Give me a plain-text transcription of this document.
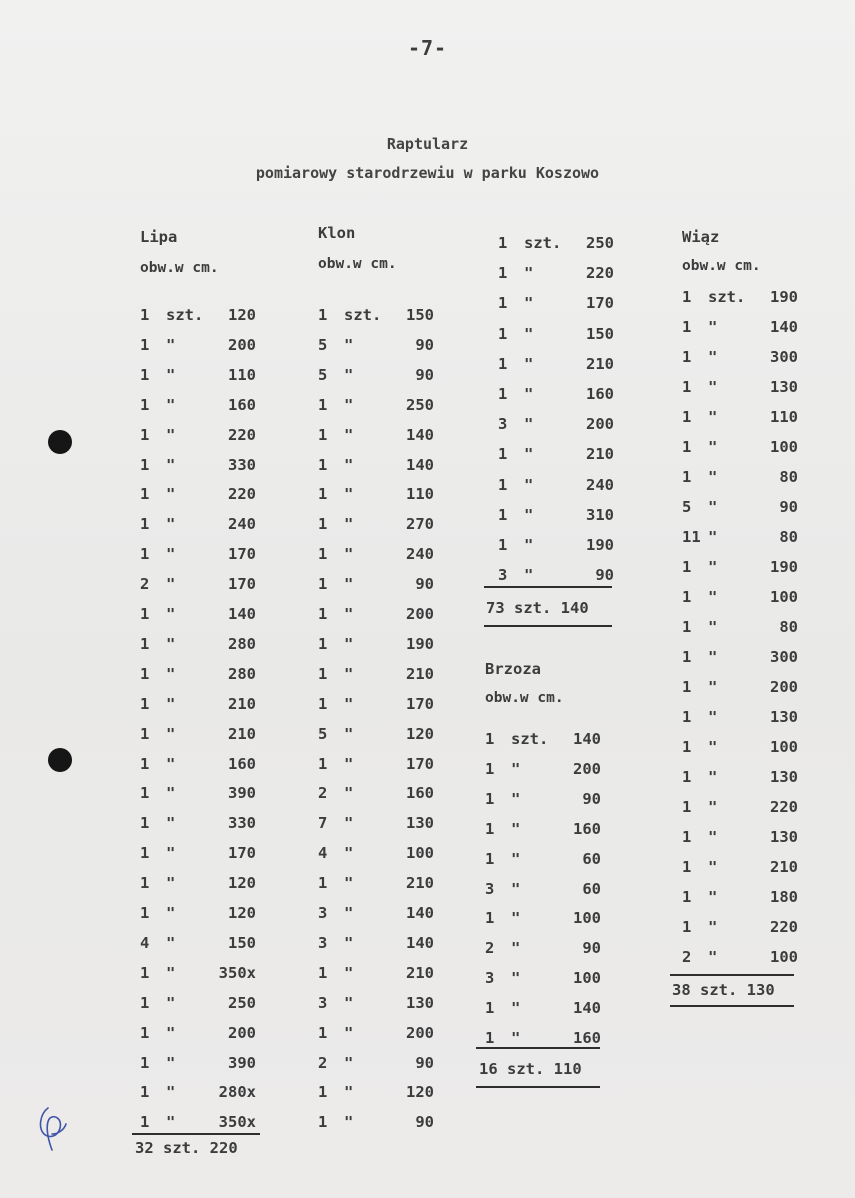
-7-
Raptularz
pomiarowy starodrzewiu w parku Koszowo
Lipa
obw.w cm.
1 szt. 120
1 "	200
1 "	110
1 "	160
1 "	220
1 "	330
1 "	220
1 "	240
1 "	170
2 "	170
1 "	140
1 "	280
1 "	280
1 "	210
1 "	210
1 "	160
1 "	390
1 "	330
1 "	170
1 "	120
1 "	120
4 "	150
1 "	350x
1 "	250
1 "	200
1 "	390
1 "	280x
1 "	350x
Klon
obw.w cm.
1 szt. 150
5 "	90
5 "	90
1 "	250
1 "	140
1 "	140
1 "	110
1 "	270
1 "	240
1 "	90
1 "	200
1 "	190
1 "	210
1 "	170
5 "	120
1 "	170
2 "	160
7 "	130
4 "	100
1 "	210
3 "	140
3 "	140
1 "	210
3 "	130
1 "	200
2 "	90
1 "	120
1 "	90
1 szt. 250
1 "	220
1 "	170
1 "	150
1 "	210
1 "	160
3 "	200
1 "	210
1 "	240
1 "	310
1 "	190
3 "	90
Brzoza
obw.w cm.
1 szt. 140
1 "	200
1 "	90
1 "	160
1 "	60
3 "	60
1 "	100
2 "	90
3 "	100
1 "	140
1 "	160
Wiąz
obw.w cm.
1 szt. 190
1 "	140
1 "	300
1 "	130
1 "	110
1 "	100
1 "	80
5 "	90
11 "	80
1 "	190
1 "	100
1 "	80
1 "	300
1 "	200
1 "	130
1 "	100
1 "	130
1 "	220
1 "	130
1 "	210
1 "	180
1 "	220
2 "	100
32 szt. 220
73 szt. 140
16 szt. 110
38 szt. 130
